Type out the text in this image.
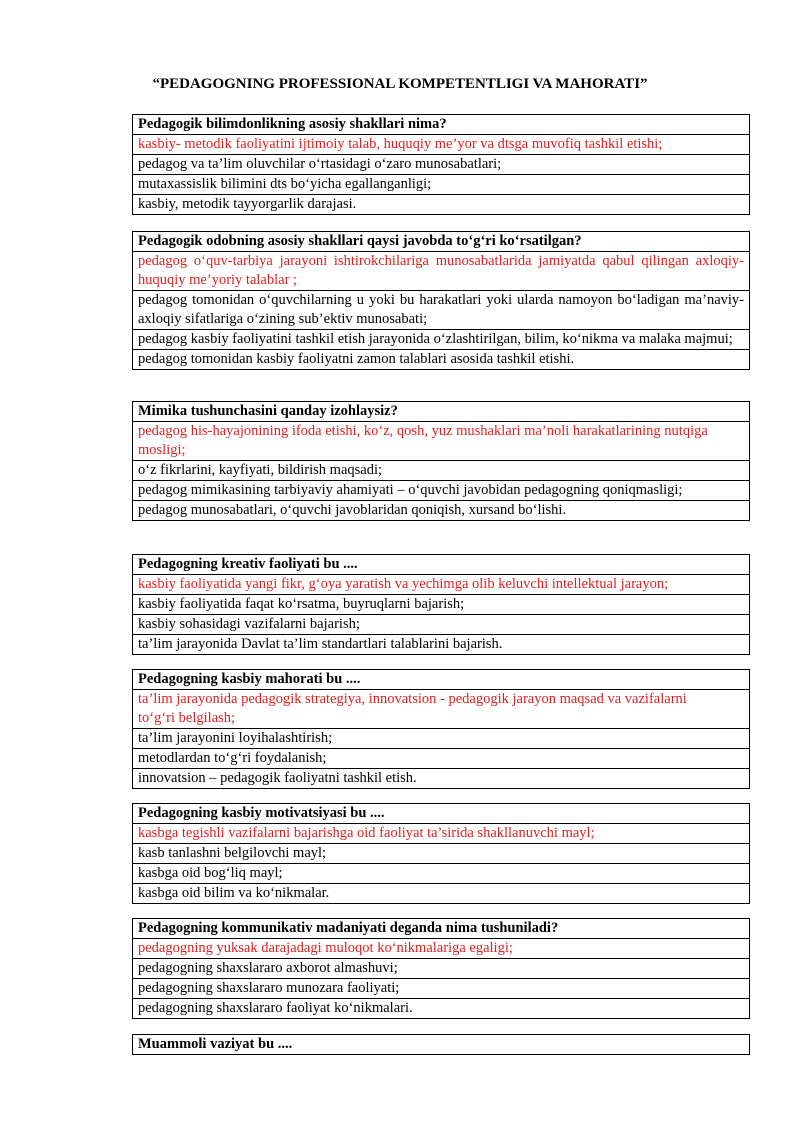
“PEDAGOGNING PROFESSIONAL KOMPETENTLIGI VA MAHORATI”
Pedagogik bilimdonlikning asosiy shakllari nima?
kasbiy- metodik faoliyatini ijtimoiy talab, huquqiy me’yor va dtsga muvofiq tashkil etishi;
pedagog va ta’lim oluvchilar o‘rtasidagi o‘zaro munosabatlari;
mutaxassislik bilimini dts bo‘yicha egallanganligi;
kasbiy, metodik tayyorgarlik darajasi.
Pedagogik odobning asosiy shakllari qaysi javobda to‘g‘ri ko‘rsatilgan?
pedagog o‘quv-tarbiya jarayoni ishtirokchilariga munosabatlarida jamiyatda qabul qilingan axloqiy-huquqiy me’yoriy talablar ;
pedagog tomonidan o‘quvchilarning u yoki bu harakatlari yoki ularda namoyon bo‘ladigan ma’naviy-axloqiy sifatlariga o‘zining sub’ektiv munosabati;
pedagog kasbiy faoliyatini tashkil etish jarayonida o‘zlashtirilgan, bilim, ko‘nikma va malaka majmui;
pedagog tomonidan kasbiy faoliyatni zamon talablari asosida tashkil etishi.
Mimika tushunchasini qanday izohlaysiz?
pedagog his-hayajonining ifoda etishi, ko‘z, qosh, yuz mushaklari ma’noli harakatlarining nutqiga mosligi;
o‘z fikrlarini, kayfiyati, bildirish maqsadi;
pedagog mimikasining tarbiyaviy ahamiyati – o‘quvchi javobidan pedagogning qoniqmasligi;
pedagog munosabatlari, o‘quvchi javoblaridan qoniqish, xursand bo‘lishi.
Pedagogning kreativ faoliyati bu ....
kasbiy faoliyatida yangi fikr, g‘oya yaratish va yechimga olib keluvchi intellektual jarayon;
kasbiy faoliyatida faqat ko‘rsatma, buyruqlarni bajarish;
kasbiy sohasidagi vazifalarni bajarish;
ta’lim jarayonida Davlat ta’lim standartlari talablarini bajarish.
Pedagogning kasbiy mahorati bu ....
ta’lim jarayonida pedagogik strategiya, innovatsion - pedagogik jarayon maqsad va vazifalarni to‘g‘ri belgilash;
ta’lim jarayonini loyihalashtirish;
metodlardan to‘g‘ri foydalanish;
innovatsion – pedagogik faoliyatni tashkil etish.
Pedagogning kasbiy motivatsiyasi bu ....
kasbga tegishli vazifalarni bajarishga oid faoliyat ta’sirida shakllanuvchi mayl;
kasb tanlashni belgilovchi mayl;
kasbga oid bog‘liq mayl;
kasbga oid bilim va ko‘nikmalar.
Pedagogning kommunikativ madaniyati deganda nima tushuniladi?
pedagogning yuksak darajadagi muloqot ko‘nikmalariga egaligi;
pedagogning shaxslararo axborot almashuvi;
pedagogning shaxslararo munozara faoliyati;
pedagogning shaxslararo faoliyat ko‘nikmalari.
Muammoli vaziyat bu ....
